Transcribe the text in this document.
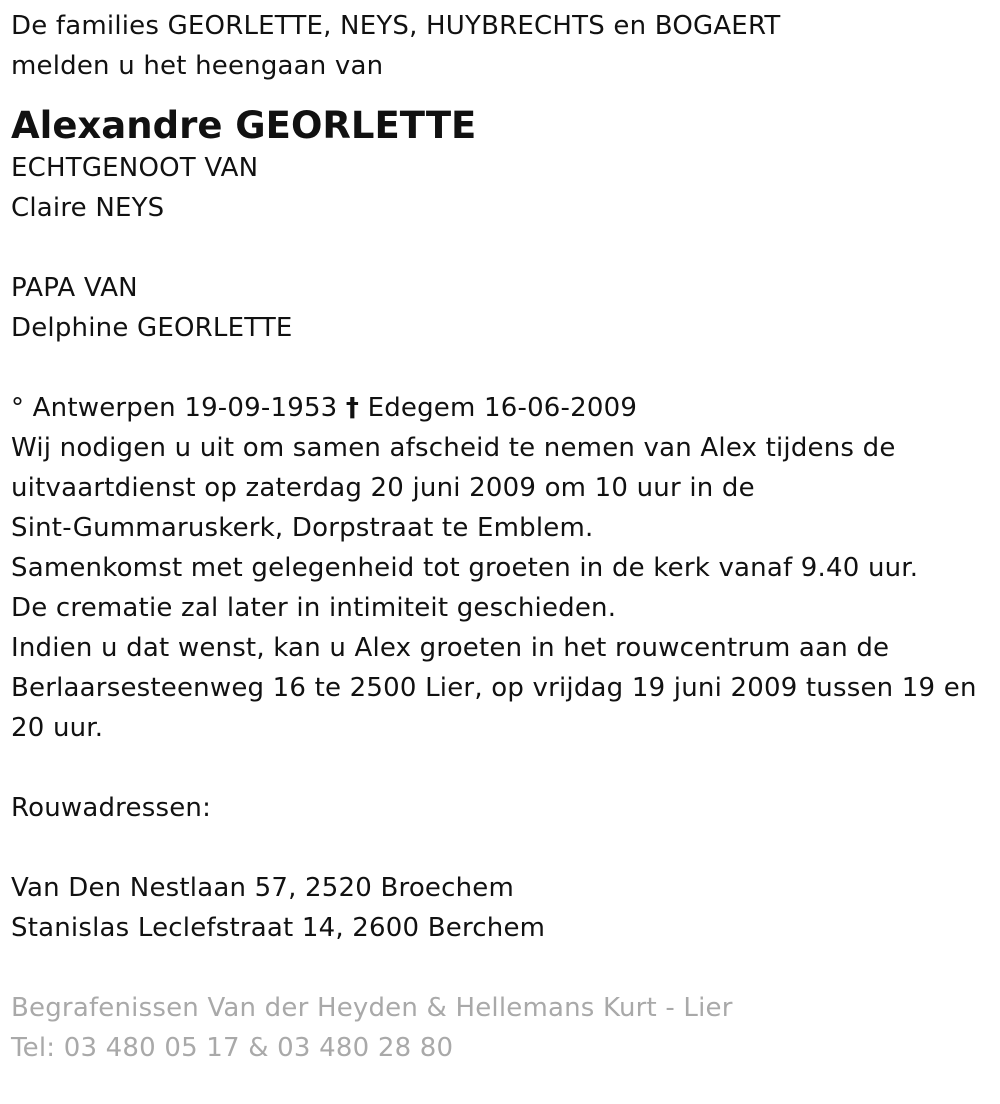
De families GEORLETTE, NEYS, HUYBRECHTS en BOGAERT
melden u het heengaan van
Alexandre GEORLETTE
ECHTGENOOT VAN
Claire NEYS
PAPA VAN
Delphine GEORLETTE
° Antwerpen 19-09-1953 † Edegem 16-06-2009
Wij nodigen u uit om samen afscheid te nemen van Alex tijdens de
uitvaartdienst op zaterdag 20 juni 2009 om 10 uur in de
Sint-Gummaruskerk, Dorpstraat te Emblem.
Samenkomst met gelegenheid tot groeten in de kerk vanaf 9.40 uur.
De crematie zal later in intimiteit geschieden.
Indien u dat wenst, kan u Alex groeten in het rouwcentrum aan de
Berlaarsesteenweg 16 te 2500 Lier, op vrijdag 19 juni 2009 tussen 19 en
20 uur.
Rouwadressen:
Van Den Nestlaan 57, 2520 Broechem
Stanislas Leclefstraat 14, 2600 Berchem
Begrafenissen Van der Heyden & Hellemans Kurt - Lier
Tel: 03 480 05 17 & 03 480 28 80
